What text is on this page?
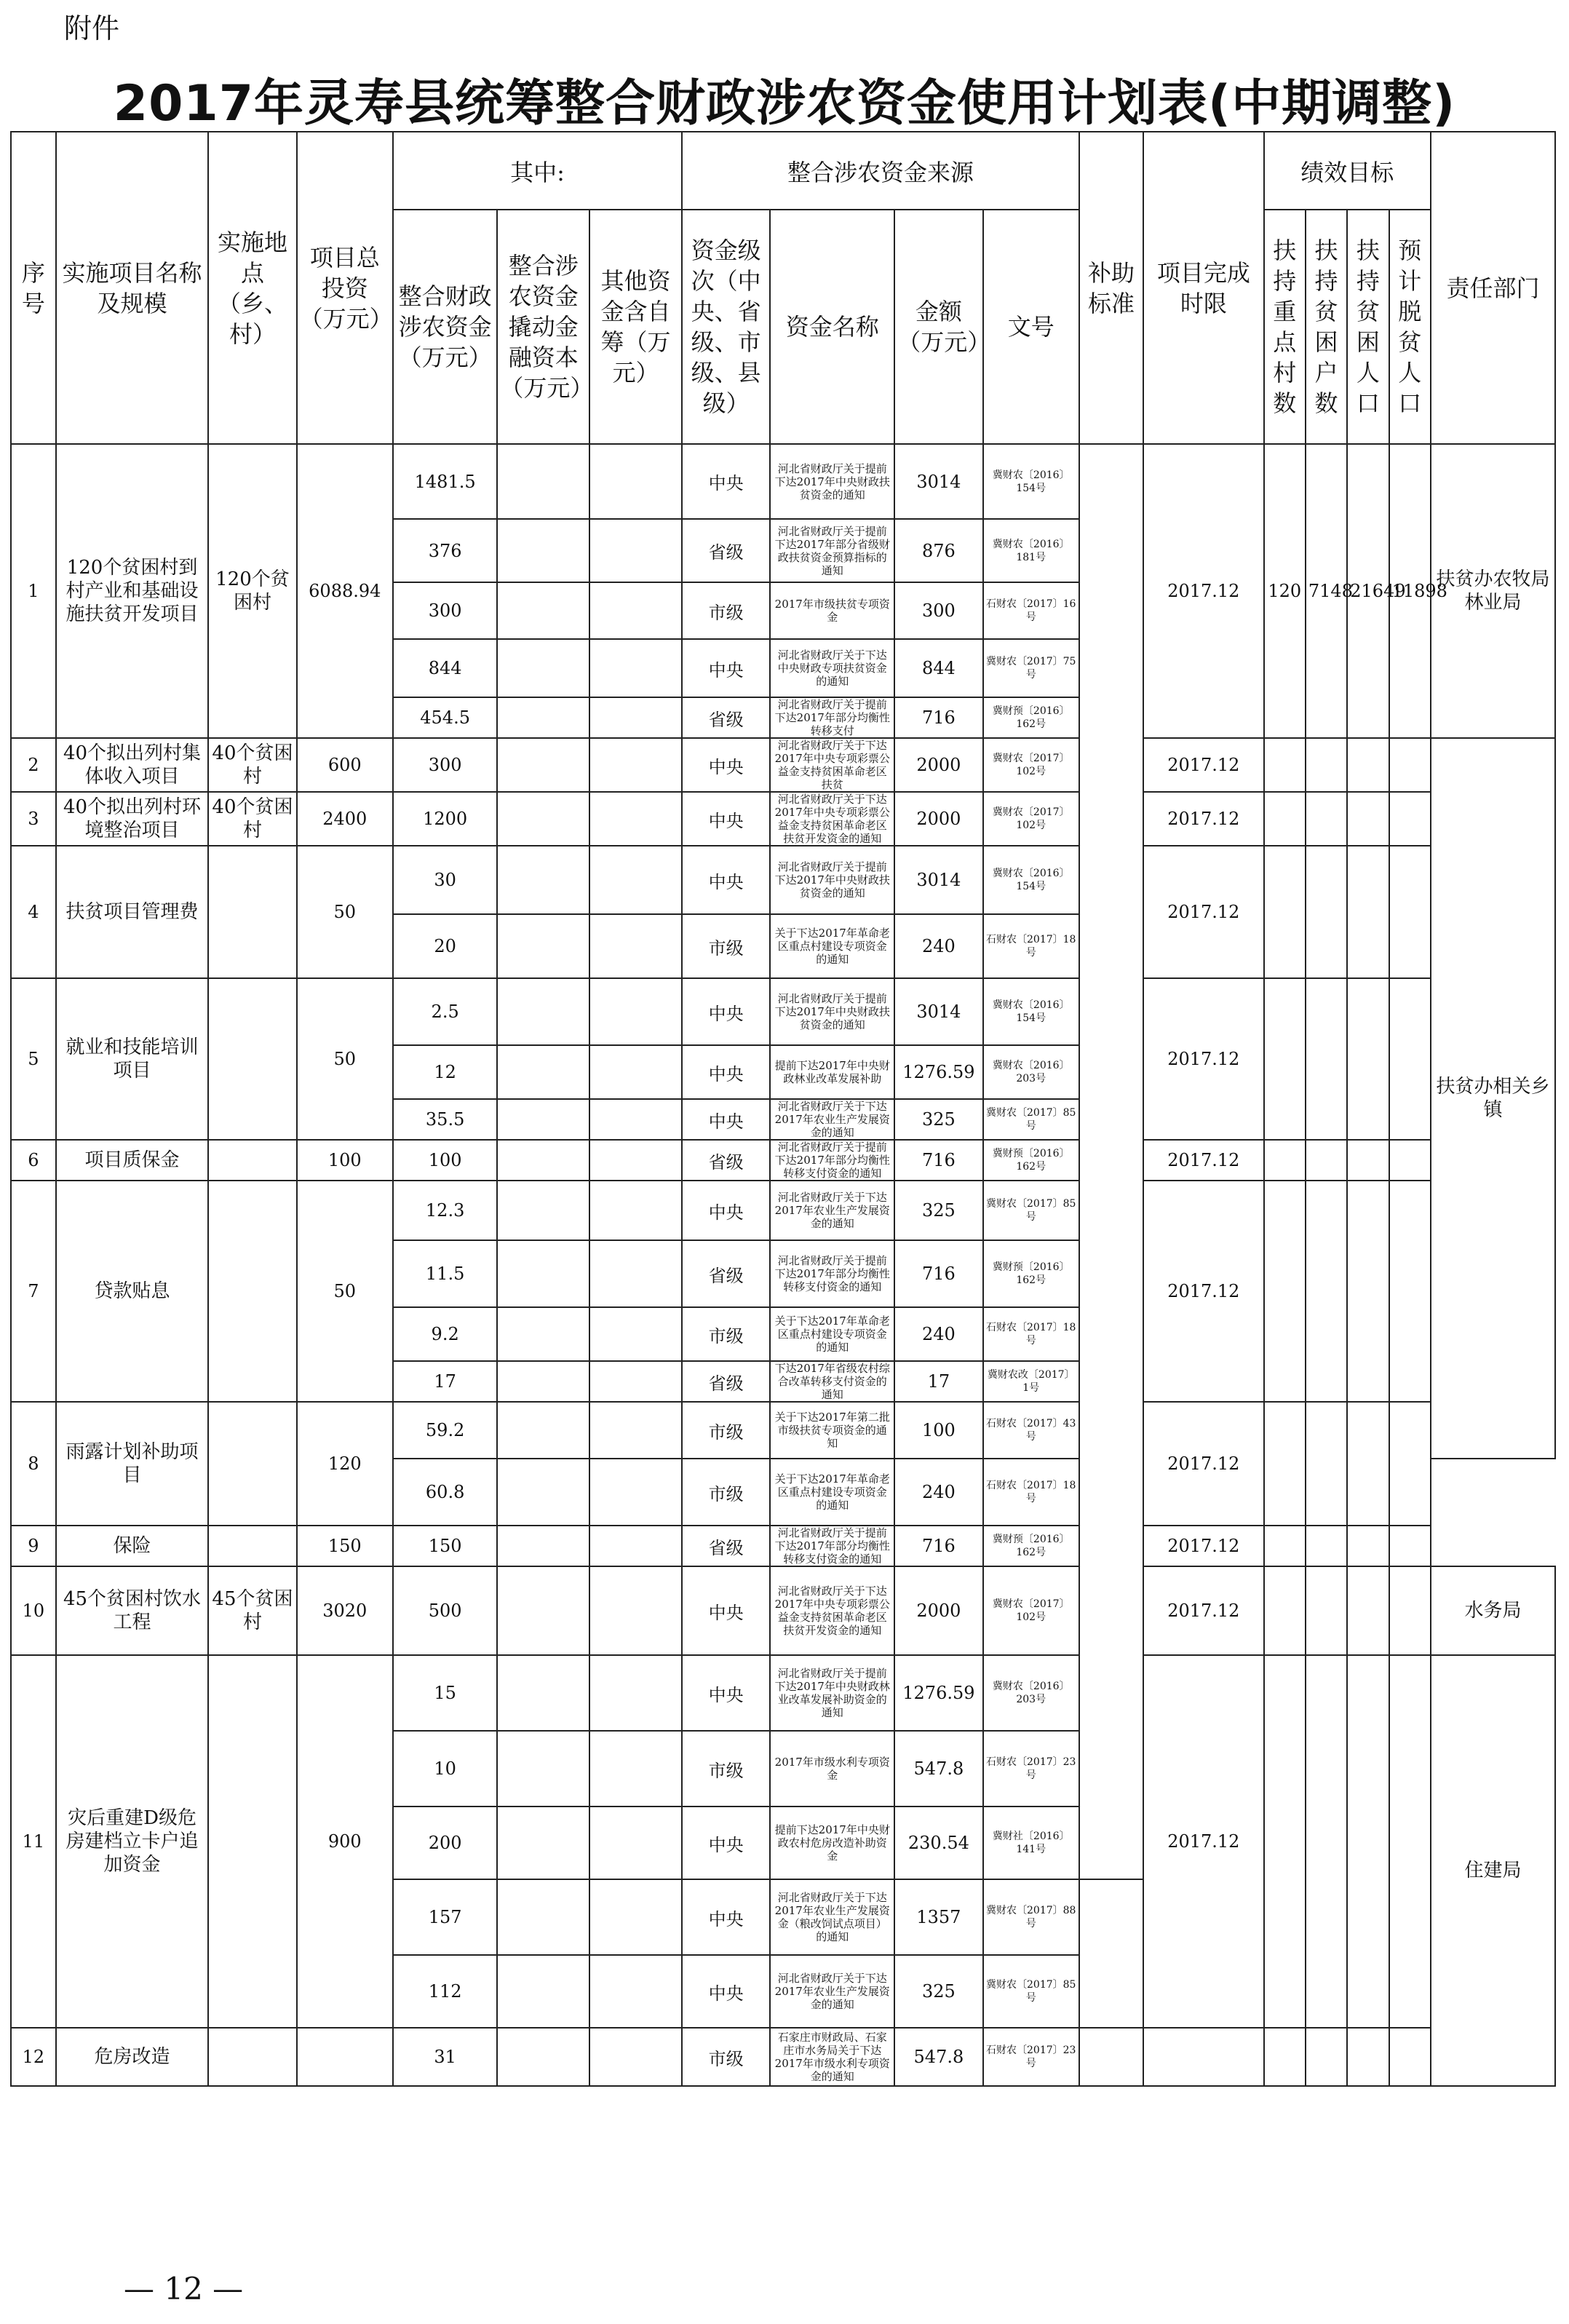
附件
2017年灵寿县统筹整合财政涉农资金使用计划表(中期调整)
序号	实施项目名称及规模	实施地点（乡、村）	项目总投资（万元）	其中:			整合涉农资金来源				补助标准	项目完成时限	绩效目标				责任部门
				整合财政涉农资金（万元）	整合涉农资金撬动金融资本（万元）	其他资金含自筹（万元）	资金级次（中央、省级、市级、县级）	资金名称	金额（万元）	文号			扶持重点村数	扶持贫困户数	扶持贫困人口	预计脱贫人口	
1	120个贫困村到村产业和基础设施扶贫开发项目	120个贫困村	6088.94	1481.5			中央	河北省财政厅关于提前下达2017年中央财政扶贫资金的通知	3014	冀财农〔2016〕154号		2017.12	120	7148	21649	11898	扶贫办农牧局林业局
				376			省级	河北省财政厅关于提前下达2017年部分省级财政扶贫资金预算指标的通知	876	冀财农〔2016〕181号							
				300			市级	2017年市级扶贫专项资金	300	石财农〔2017〕16号							
				844			中央	河北省财政厅关于下达中央财政专项扶贫资金的通知	844	冀财农〔2017〕75号							
				454.5			省级	河北省财政厅关于提前下达2017年部分均衡性转移支付	716	冀财预〔2016〕162号							
2	40个拟出列村集体收入项目	40个贫困村	600	300			中央	河北省财政厅关于下达2017年中央专项彩票公益金支持贫困革命老区扶贫	2000	冀财农〔2017〕102号		2017.12					扶贫办相关乡镇
3	40个拟出列村环境整治项目	40个贫困村	2400	1200			中央	河北省财政厅关于下达2017年中央专项彩票公益金支持贫困革命老区扶贫开发资金的通知	2000	冀财农〔2017〕102号		2017.12					
4	扶贫项目管理费		50	30			中央	河北省财政厅关于提前下达2017年中央财政扶贫资金的通知	3014	冀财农〔2016〕154号		2017.12					
				20			市级	关于下达2017年革命老区重点村建设专项资金的通知	240	石财农〔2017〕18号							
5	就业和技能培训项目		50	2.5			中央	河北省财政厅关于提前下达2017年中央财政扶贫资金的通知	3014	冀财农〔2016〕154号		2017.12					
				12			中央	提前下达2017年中央财政林业改革发展补助	1276.59	冀财农〔2016〕203号							
				35.5			中央	河北省财政厅关于下达2017年农业生产发展资金的通知	325	冀财农〔2017〕85号							
6	项目质保金		100	100			省级	河北省财政厅关于提前下达2017年部分均衡性转移支付资金的通知	716	冀财预〔2016〕162号		2017.12					
7	贷款贴息		50	12.3			中央	河北省财政厅关于下达2017年农业生产发展资金的通知	325	冀财农〔2017〕85号		2017.12					
				11.5			省级	河北省财政厅关于提前下达2017年部分均衡性转移支付资金的通知	716	冀财预〔2016〕162号							
				9.2			市级	关于下达2017年革命老区重点村建设专项资金的通知	240	石财农〔2017〕18号							
				17			省级	下达2017年省级农村综合改革转移支付资金的通知	17	冀财农改〔2017〕1号							
8	雨露计划补助项目		120	59.2			市级	关于下达2017年第二批市级扶贫专项资金的通知	100	石财农〔2017〕43号		2017.12					
				60.8			市级	关于下达2017年革命老区重点村建设专项资金的通知	240	石财农〔2017〕18号							
9	保险		150	150			省级	河北省财政厅关于提前下达2017年部分均衡性转移支付资金的通知	716	冀财预〔2016〕162号		2017.12					
10	45个贫困村饮水工程	45个贫困村	3020	500			中央	河北省财政厅关于下达2017年中央专项彩票公益金支持贫困革命老区扶贫开发资金的通知	2000	冀财农〔2017〕102号		2017.12					水务局
11	灾后重建D级危房建档立卡户追加资金		900	15			中央	河北省财政厅关于提前下达2017年中央财政林业改革发展补助资金的通知	1276.59	冀财农〔2016〕203号		2017.12					住建局
				10			市级	2017年市级水利专项资金	547.8	石财农〔2017〕23号							
				200			中央	提前下达2017年中央财政农村危房改造补助资金	230.54	冀财社〔2016〕141号							
				157			中央	河北省财政厅关于下达2017年农业生产发展资金（粮改饲试点项目）的通知	1357	冀财农〔2017〕88号							
				112			中央	河北省财政厅关于下达2017年农业生产发展资金的通知	325	冀财农〔2017〕85号							
12	危房改造			31			市级	石家庄市财政局、石家庄市水务局关于下达2017年市级水利专项资金的通知	547.8	石财农〔2017〕23号							
— 12 —
